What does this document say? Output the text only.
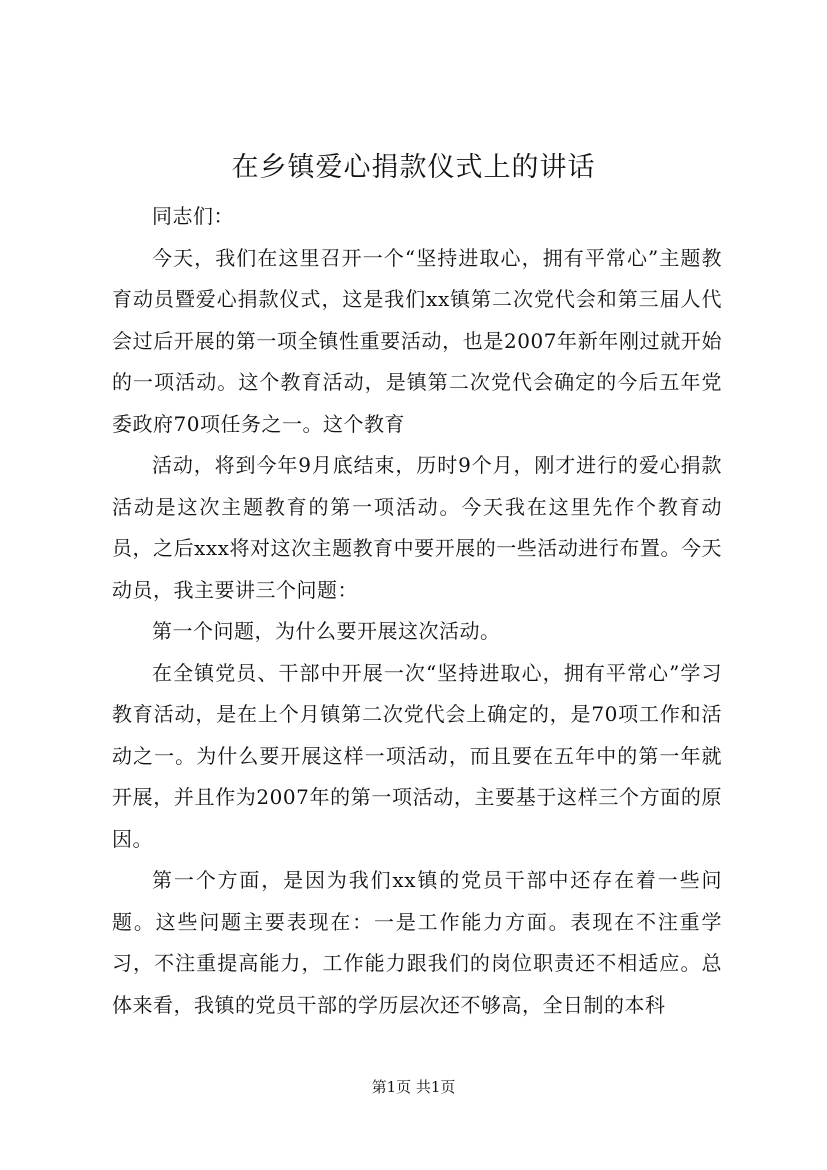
在乡镇爱心捐款仪式上的讲话

同志们：

今天，我们在这里召开一个“坚持进取心，拥有平常心”主题教育动员暨爱心捐款仪式，这是我们xx镇第二次党代会和第三届人代会过后开展的第一项全镇性重要活动，也是2007年新年刚过就开始的一项活动。这个教育活动，是镇第二次党代会确定的今后五年党委政府70项任务之一。这个教育

活动，将到今年9月底结束，历时9个月，刚才进行的爱心捐款活动是这次主题教育的第一项活动。今天我在这里先作个教育动员，之后xxx将对这次主题教育中要开展的一些活动进行布置。今天动员，我主要讲三个问题：

第一个问题，为什么要开展这次活动。

在全镇党员、干部中开展一次“坚持进取心，拥有平常心”学习教育活动，是在上个月镇第二次党代会上确定的，是70项工作和活动之一。为什么要开展这样一项活动，而且要在五年中的第一年就开展，并且作为2007年的第一项活动，主要基于这样三个方面的原因。

第一个方面，是因为我们xx镇的党员干部中还存在着一些问题。这些问题主要表现在：一是工作能力方面。表现在不注重学习，不注重提高能力，工作能力跟我们的岗位职责还不相适应。总体来看，我镇的党员干部的学历层次还不够高，全日制的本科

第1页 共1页
